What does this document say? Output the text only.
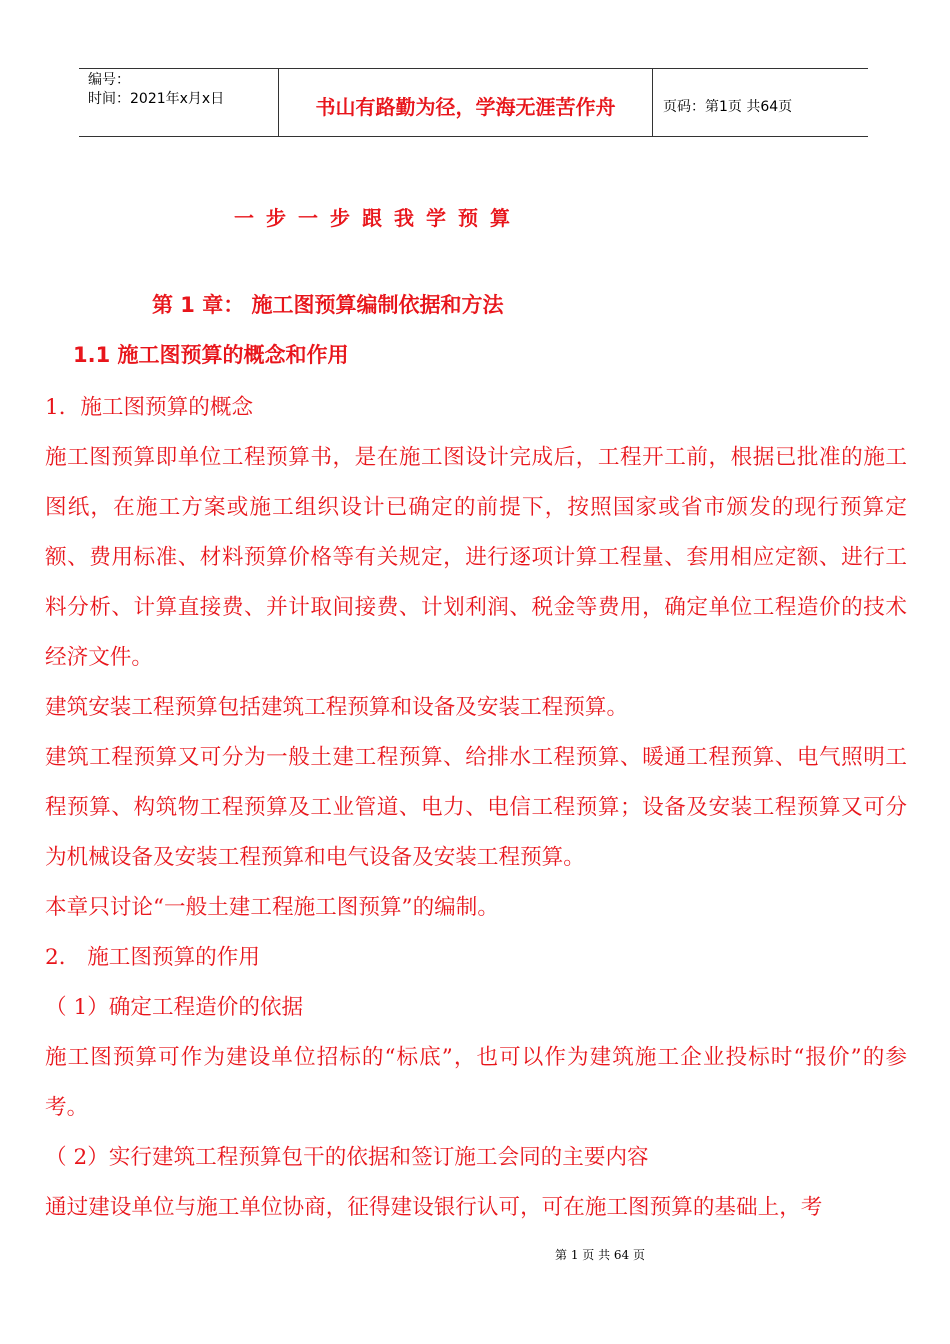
编号：
时间：2021年x月x日	书山有路勤为径，学海无涯苦作舟	页码：第1页 共64页
一步一步跟我学预算
第 1 章： 施工图预算编制依据和方法
1.1 施工图预算的概念和作用

1．施工图预算的概念

施工图预算即单位工程预算书，是在施工图设计完成后，工程开工前，根据已批准的施工图纸，在施工方案或施工组织设计已确定的前提下，按照国家或省市颁发的现行预算定额、费用标准、材料预算价格等有关规定，进行逐项计算工程量、套用相应定额、进行工料分析、计算直接费、并计取间接费、计划利润、税金等费用，确定单位工程造价的技术经济文件。

建筑安装工程预算包括建筑工程预算和设备及安装工程预算。

建筑工程预算又可分为一般土建工程预算、给排水工程预算、暖通工程预算、电气照明工程预算、构筑物工程预算及工业管道、电力、电信工程预算；设备及安装工程预算又可分为机械设备及安装工程预算和电气设备及安装工程预算。

本章只讨论“一般土建工程施工图预算”的编制。

2． 施工图预算的作用

（ 1）确定工程造价的依据

施工图预算可作为建设单位招标的“标底”，也可以作为建筑施工企业投标时“报价”的参考。

（ 2）实行建筑工程预算包干的依据和签订施工会同的主要内容

通过建设单位与施工单位协商，征得建设银行认可，可在施工图预算的基础上，考

第 1 页 共 64 页
